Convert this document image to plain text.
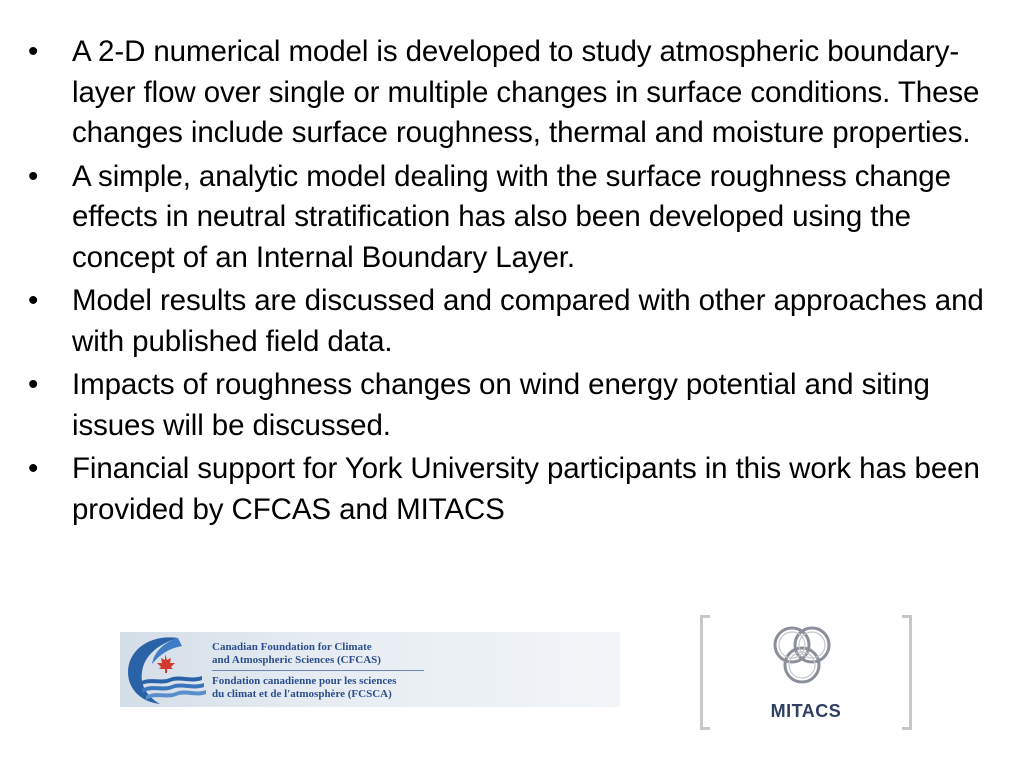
• A 2-D numerical model is developed to study atmospheric boundary-layer flow over single or multiple changes in surface conditions. These changes include surface roughness, thermal and moisture properties.
• A simple, analytic model dealing with the surface roughness change effects in neutral stratification has also been developed using the concept of an Internal Boundary Layer.
• Model results are discussed and compared with other approaches and with published field data.
• Impacts of roughness changes on wind energy potential and siting issues will be discussed.
• Financial support for York University participants in this work has been provided by CFCAS and MITACS
Canadian Foundation for Climate
and Atmospheric Sciences (CFCAS)
Fondation canadienne pour les sciences
du climat et de l'atmosphère (FCSCA)
MITACS
